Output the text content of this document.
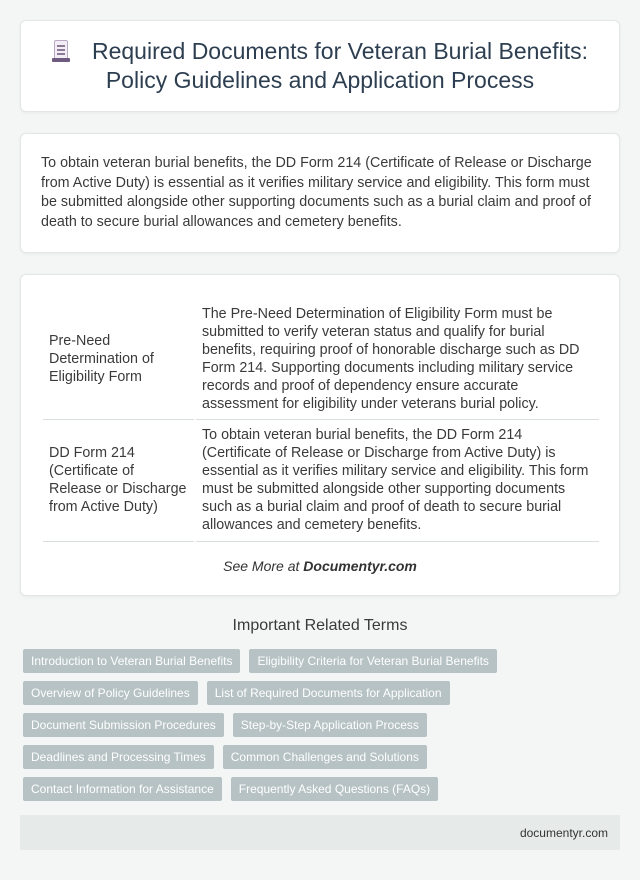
Required Documents for Veteran Burial Benefits: Policy Guidelines and Application Process

To obtain veteran burial benefits, the DD Form 214 (Certificate of Release or Discharge from Active Duty) is essential as it verifies military service and eligibility. This form must be submitted alongside other supporting documents such as a burial claim and proof of death to secure burial allowances and cemetery benefits.

Pre-Need Determination of Eligibility Form	The Pre-Need Determination of Eligibility Form must be submitted to verify veteran status and qualify for burial benefits, requiring proof of honorable discharge such as DD Form 214. Supporting documents including military service records and proof of dependency ensure accurate assessment for eligibility under veterans burial policy.
DD Form 214 (Certificate of Release or Discharge from Active Duty)	To obtain veteran burial benefits, the DD Form 214 (Certificate of Release or Discharge from Active Duty) is essential as it verifies military service and eligibility. This form must be submitted alongside other supporting documents such as a burial claim and proof of death to secure burial allowances and cemetery benefits.
See More at Documentyr.com
Important Related Terms
Introduction to Veteran Burial Benefits	Eligibility Criteria for Veteran Burial Benefits
Overview of Policy Guidelines	List of Required Documents for Application
Document Submission Procedures	Step-by-Step Application Process
Deadlines and Processing Times	Common Challenges and Solutions
Contact Information for Assistance	Frequently Asked Questions (FAQs)
documentyr.com
